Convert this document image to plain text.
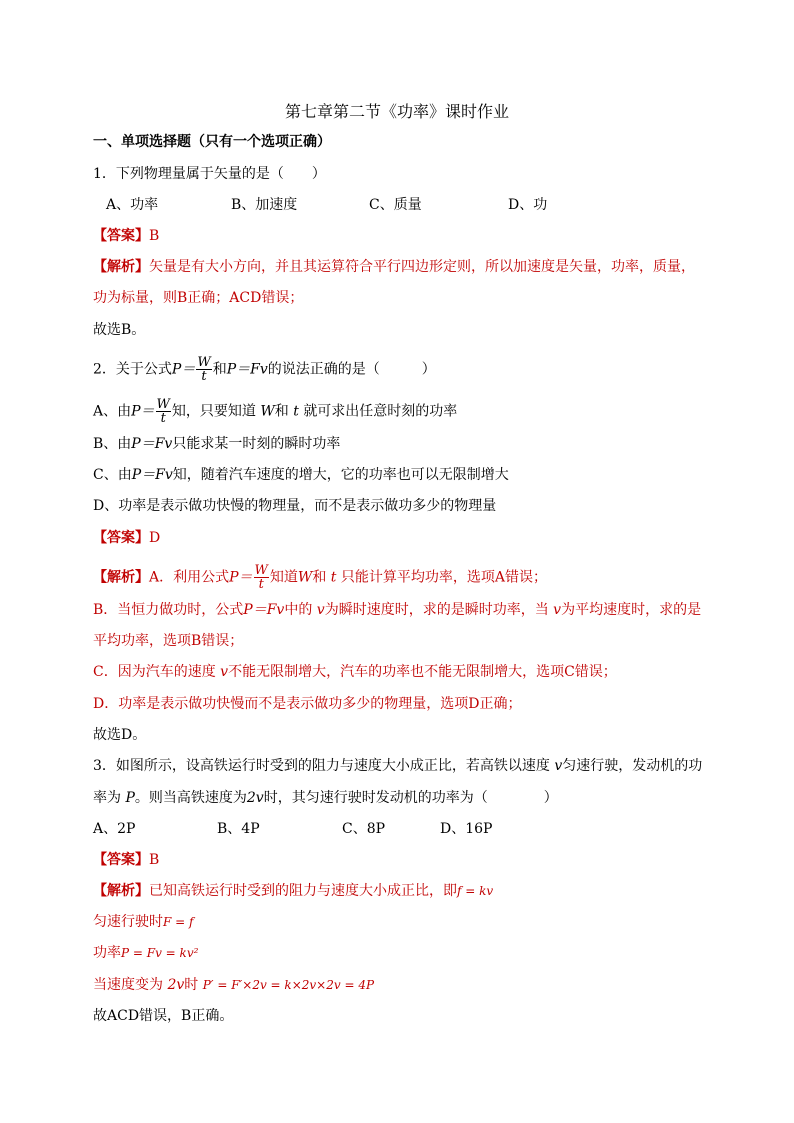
第七章第二节《功率》课时作业
一、单项选择题（只有一个选项正确）
1．下列物理量属于矢量的是（　　）
A、功率	B、加速度	C、质量	D、功
【答案】B
【解析】矢量是有大小方向，并且其运算符合平行四边形定则，所以加速度是矢量，功率，质量，
功为标量，则B正确；ACD错误；
故选B。
2．关于公式$P= \frac{W}{t}$ 和P＝Fv的说法正确的是（　　　）
A、由$P= \frac{W}{t}$ 知，只要知道 W和 t 就可求出任意时刻的功率
B、由P＝Fv只能求某一时刻的瞬时功率
C、由P＝Fv知，随着汽车速度的增大，它的功率也可以无限制增大
D、功率是表示做功快慢的物理量，而不是表示做功多少的物理量
【答案】D
【解析】A．利用公式$P= \frac{W}{t}$ 知道W和 t 只能计算平均功率，选项A错误；
B．当恒力做功时，公式P＝Fv中的 v为瞬时速度时，求的是瞬时功率，当 v为平均速度时，求的是
平均功率，选项B错误；
C．因为汽车的速度 v不能无限制增大，汽车的功率也不能无限制增大，选项C错误；
D．功率是表示做功快慢而不是表示做功多少的物理量，选项D正确；
故选D。
3．如图所示，设高铁运行时受到的阻力与速度大小成正比，若高铁以速度 v匀速行驶，发动机的功
率为 P。则当高铁速度为2v时，其匀速行驶时发动机的功率为（　　　　）
A、2P	B、4P	C、8P	D、16P
【答案】B
【解析】已知高铁运行时受到的阻力与速度大小成正比，即f = kv
匀速行驶时F = f
功率P = Fv = kv²
当速度变为 2v时 P′ = F′×2v = k×2v×2v = 4P
故ACD错误，B正确。
